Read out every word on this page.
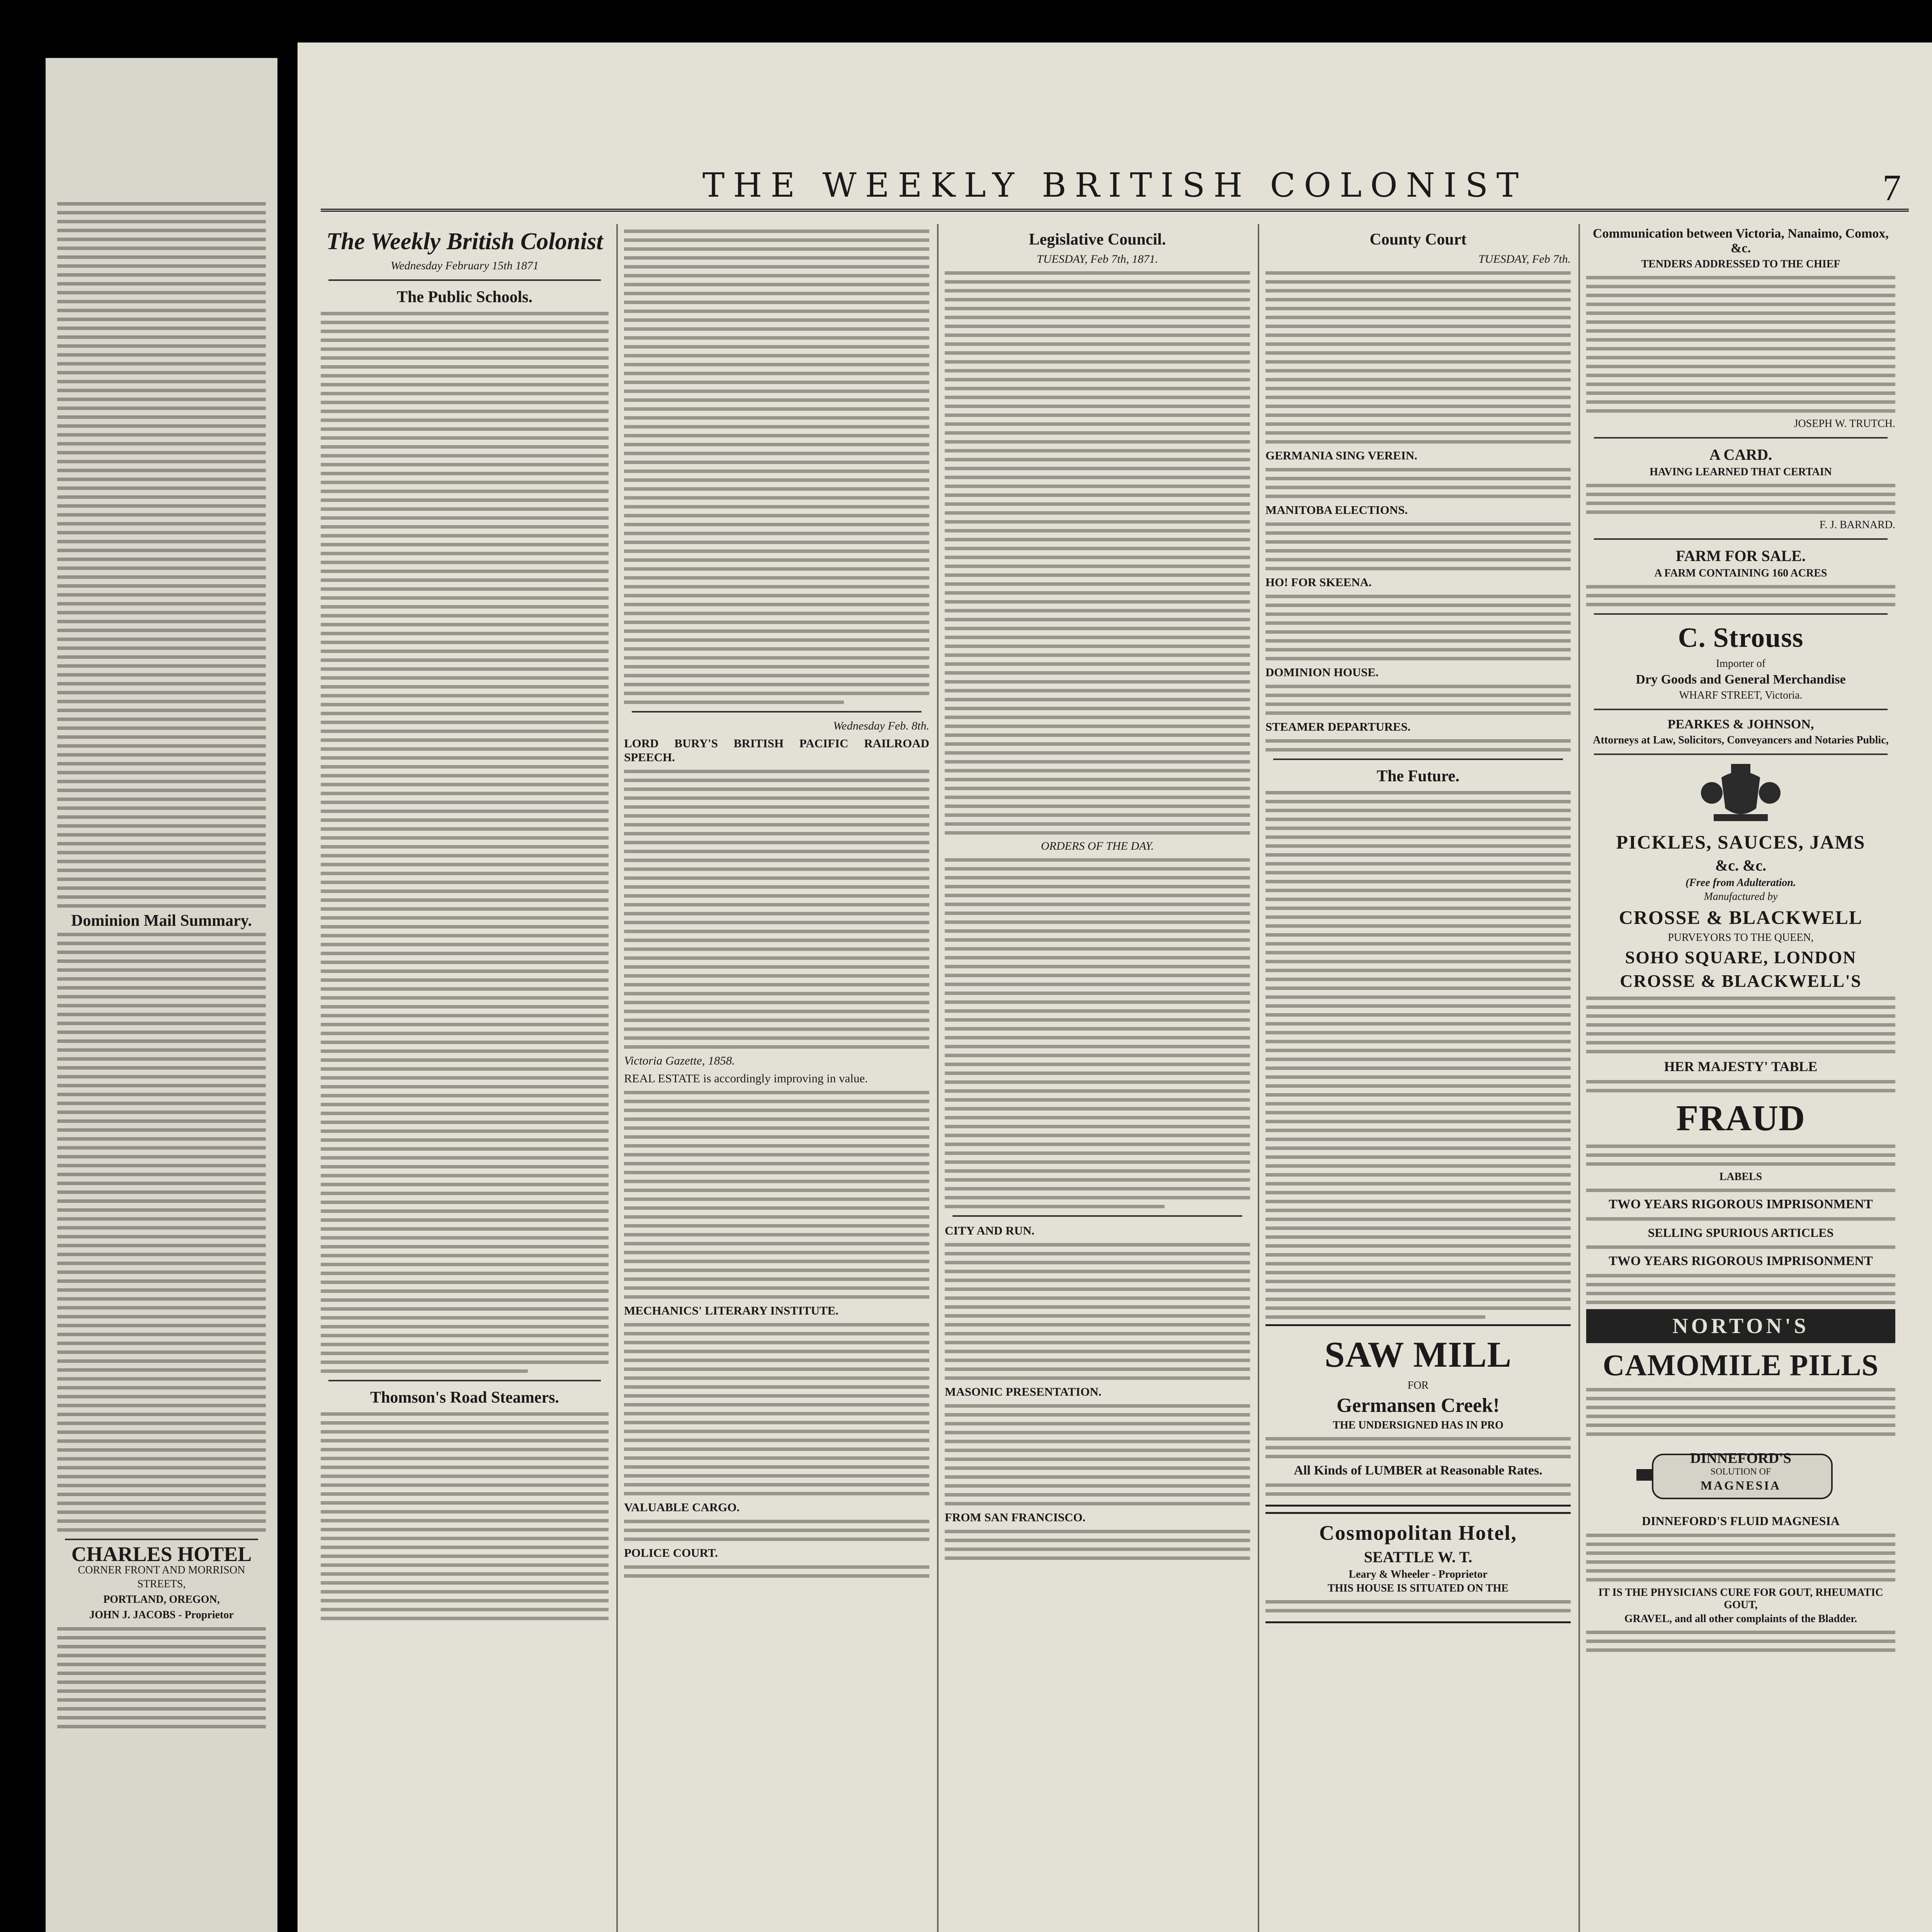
Dominion Mail Summary.
CHARLES HOTEL
CORNER FRONT AND MORRISON STREETS,
PORTLAND, OREGON,
JOHN J. JACOBS - Proprietor
THE WEEKLY BRITISH COLONIST	7
The Weekly British Colonist
Wednesday February 15th 1871
The Public Schools.
Thomson's Road Steamers.
Wednesday Feb. 8th.
LORD BURY'S BRITISH PACIFIC RAILROAD SPEECH.
Victoria Gazette, 1858.
REAL ESTATE is accordingly improving in value.
MECHANICS' LITERARY INSTITUTE.
VALUABLE CARGO.
POLICE COURT.
Legislative Council.
TUESDAY, Feb 7th, 1871.
ORDERS OF THE DAY.
CITY AND RUN.
MASONIC PRESENTATION.
FROM SAN FRANCISCO.
County Court
TUESDAY, Feb 7th.
GERMANIA SING VEREIN.
MANITOBA ELECTIONS.
HO! FOR SKEENA.
DOMINION HOUSE.
STEAMER DEPARTURES.
The Future.
SAW MILL
FOR
Germansen Creek!
THE UNDERSIGNED HAS IN PRO
All Kinds of LUMBER at Reasonable Rates.
Cosmopolitan Hotel,
SEATTLE W. T.
Leary & Wheeler - Proprietor
THIS HOUSE IS SITUATED ON THE
Communication between Victoria, Nanaimo, Comox, &c.
TENDERS ADDRESSED TO THE CHIEF
JOSEPH W. TRUTCH.
A CARD.
HAVING LEARNED THAT CERTAIN
F. J. BARNARD.
FARM FOR SALE.
A FARM CONTAINING 160 ACRES
C. Strouss
Importer of
Dry Goods and General Merchandise
WHARF STREET, Victoria.
PEARKES & JOHNSON,
Attorneys at Law, Solicitors, Conveyancers and Notaries Public,
PICKLES, SAUCES, JAMS
&c. &c.
(Free from Adulteration.
Manufactured by
CROSSE & BLACKWELL
PURVEYORS TO THE QUEEN,
SOHO SQUARE, LONDON
CROSSE & BLACKWELL'S
HER MAJESTY' TABLE
FRAUD
LABELS
TWO YEARS RIGOROUS IMPRISONMENT
SELLING SPURIOUS ARTICLES
TWO YEARS RIGOROUS IMPRISONMENT
NORTON'S
CAMOMILE PILLS
DINNEFORD'S
SOLUTION OF
MAGNESIA
DINNEFORD'S FLUID MAGNESIA
IT IS THE PHYSICIANS CURE FOR GOUT, RHEUMATIC GOUT,
GRAVEL, and all other complaints of the Bladder.
